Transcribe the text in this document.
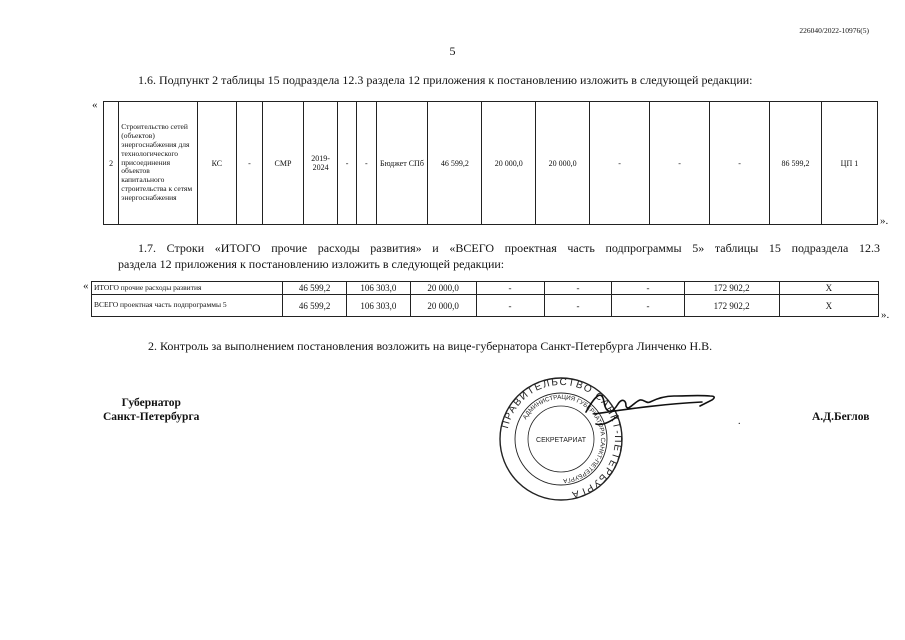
226040/2022-10976(5)
5
1.6. Подпункт 2 таблицы 15 подраздела 12.3 раздела 12 приложения к постановлению изложить в следующей редакции:
«
2	Строительство сетей (объектов) энергоснабжения для технологического присоединения объектов капитального строительства к сетям энергоснабжения	КС	-	СМР	2019-2024	-	-	Бюджет СПб	46 599,2	20 000,0	20 000,0	-	-	-	86 599,2	ЦП 1
».
1.7. Строки «ИТОГО прочие расходы развития» и «ВСЕГО проектная часть подпрограммы 5» таблицы 15 подраздела 12.3
раздела 12 приложения к постановлению изложить в следующей редакции:
« ИТОГО прочие расходы развития	46 599,2	106 303,0	20 000,0	-	-	-	172 902,2	Х
ВСЕГО проектная часть подпрограммы 5	46 599,2	106 303,0	20 000,0	-	-	-	172 902,2	Х
».
2. Контроль за выполнением постановления возложить на вице-губернатора Санкт-Петербурга Линченко Н.В.
Губернатор
Санкт-Петербурга
ПРАВИТЕЛЬСТВО САНКТ-ПЕТЕРБУРГА
АДМИНИСТРАЦИЯ ГУБЕРНАТОРА САНКТ-ПЕТЕРБУРГА
СЕКРЕТАРИАТ
.	А.Д.Беглов
